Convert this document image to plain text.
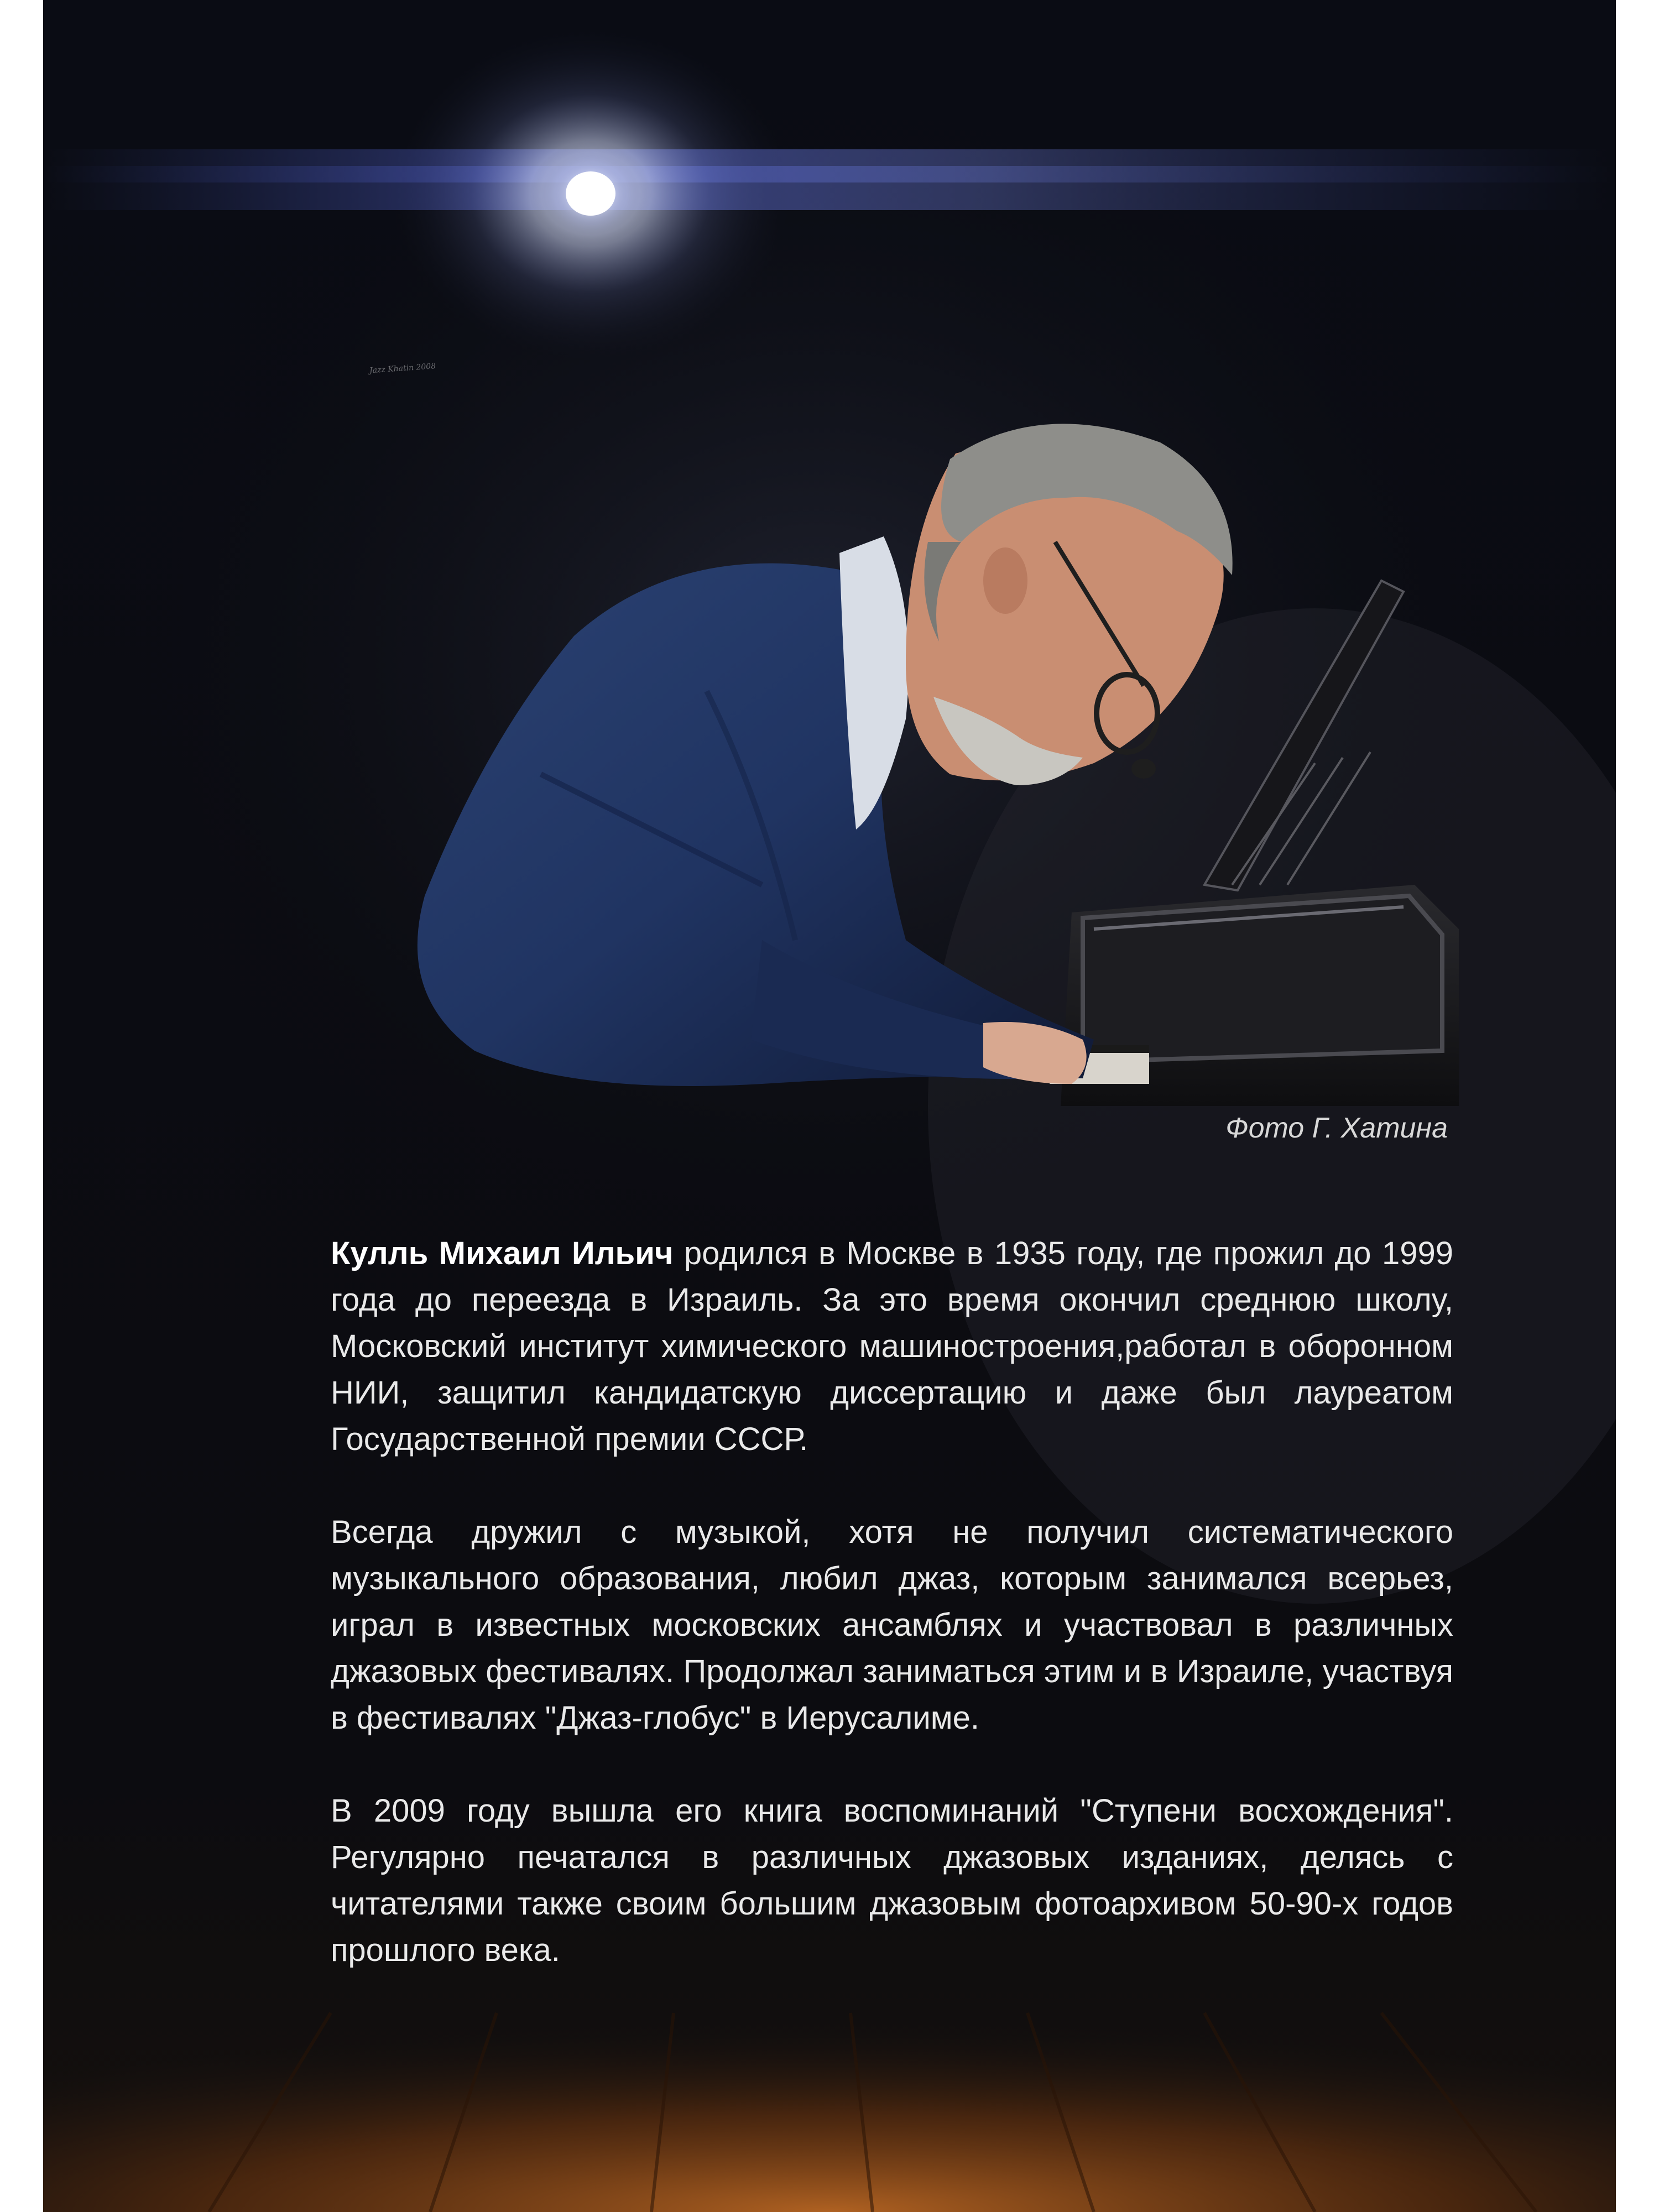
Jazz Khatin 2008
Фото Г. Хатина

Кулль Михаил Ильич родился в Москве в 1935 году, где прожил до 1999 года до переезда в Израиль. За это время окончил среднюю школу, Московский институт химического машиностроения,работал в оборонном НИИ, защитил кандидатскую диссертацию и даже был лауреатом Государственной премии СССР.

Всегда дружил с музыкой, хотя не получил систематического музыкального образования, любил джаз, которым занимался всерьез, играл в известных московских ансамблях и участвовал в различных джазовых фестивалях. Продолжал заниматься этим и в Израиле, участвуя в фестивалях "Джаз-глобус" в Иерусалиме.

В 2009 году вышла его книга воспоминаний "Ступени восхождения". Регулярно печатался в различных джазовых изданиях, делясь с читателями также своим большим джазовым фотоархивом 50-90-х годов прошлого века.
